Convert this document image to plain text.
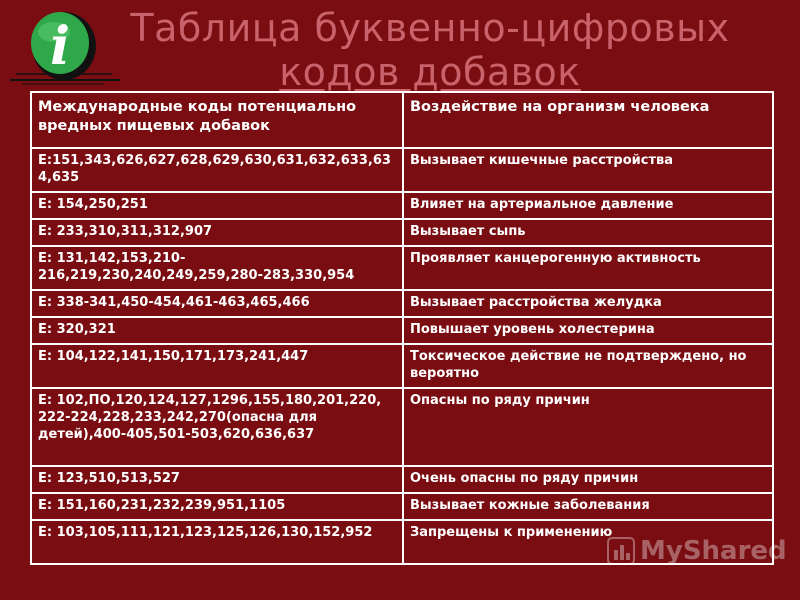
i	Таблица буквенно-цифровых
кодов добавок
Международные коды потенциально вредных пищевых добавок	Воздействие на организм человека
Е:151,343,626,627,628,629,630,631,632,633,634,635	Вызывает кишечные расстройства
Е: 154,250,251	Влияет на артериальное давление
Е: 233,310,311,312,907	Вызывает сыпь
Е: 131,142,153,210-216,219,230,240,249,259,280-283,330,954	Проявляет канцерогенную активность
Е: 338-341,450-454,461-463,465,466	Вызывает расстройства желудка
Е: 320,321	Повышает уровень холестерина
Е: 104,122,141,150,171,173,241,447	Токсическое действие не подтверждено, но вероятно
Е: 102,ПО,120,124,127,1296,155,180,201,220, 222-224,228,233,242,270(опасна для детей),400-405,501-503,620,636,637	Опасны по ряду причин
Е: 123,510,513,527	Очень опасны по ряду причин
Е: 151,160,231,232,239,951,1105	Вызывает кожные заболевания
Е: 103,105,111,121,123,125,126,130,152,952	Запрещены к применению
MyShared
